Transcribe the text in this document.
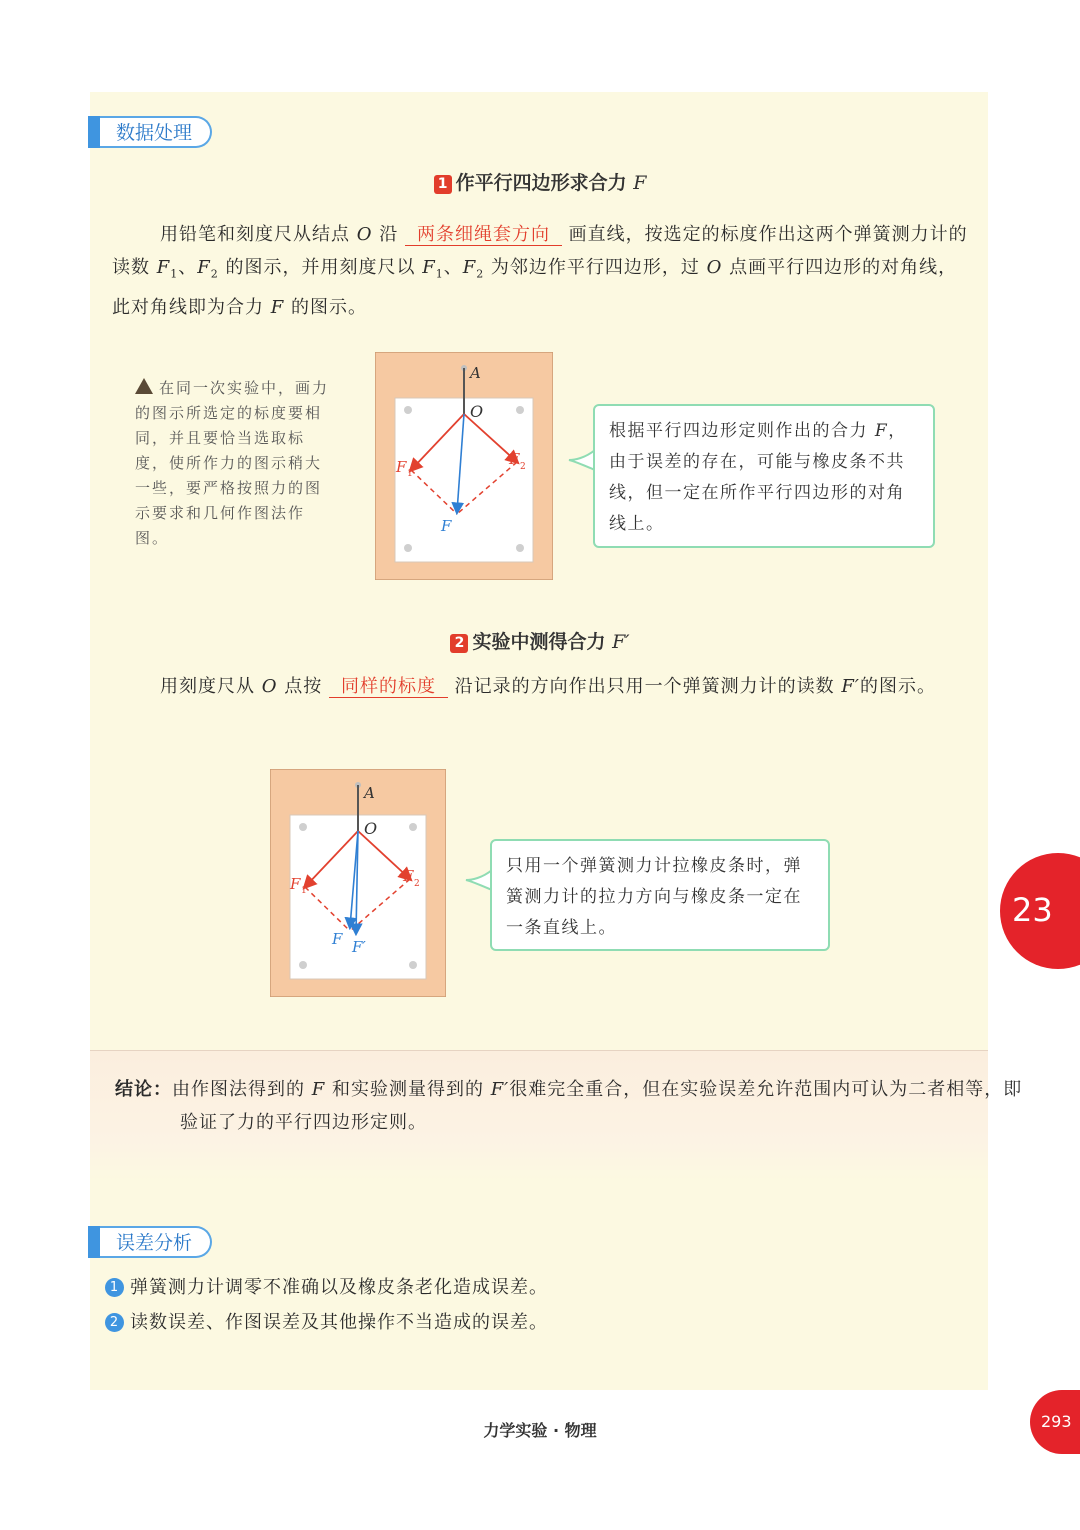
数据处理
1 作平行四边形求合力 F
用铅笔和刻度尺从结点 O 沿 两条细绳套方向 画直线，按选定的标度作出这两个弹簧测力计的读数 $F_1$、$F_2$ 的图示，并用刻度尺以 $F_1$、$F_2$ 为邻边作平行四边形，过 O 点画平行四边形的对角线，此对角线即为合力 F 的图示。
在同一次实验中，画力的图示所选定的标度要相同，并且要恰当选取标度，使所作力的图示稍大一些，要严格按照力的图示要求和几何作图法作图。
A
O
F 1
F 2
F
根据平行四边形定则作出的合力 F，由于误差的存在，可能与橡皮条不共线，但一定在所作平行四边形的对角线上。
2 实验中测得合力 F′
用刻度尺从 O 点按 同样的标度 沿记录的方向作出只用一个弹簧测力计的读数 F′的图示。
A
O
F 1
F 2
F F′
只用一个弹簧测力计拉橡皮条时，弹簧测力计的拉力方向与橡皮条一定在一条直线上。
结论：由作图法得到的 F 和实验测量得到的 F′很难完全重合，但在实验误差允许范围内可认为二者相等，即验证了力的平行四边形定则。
误差分析
1 弹簧测力计调零不准确以及橡皮条老化造成误差。
2 读数误差、作图误差及其他操作不当造成的误差。
23
力学实验 · 物理	293
